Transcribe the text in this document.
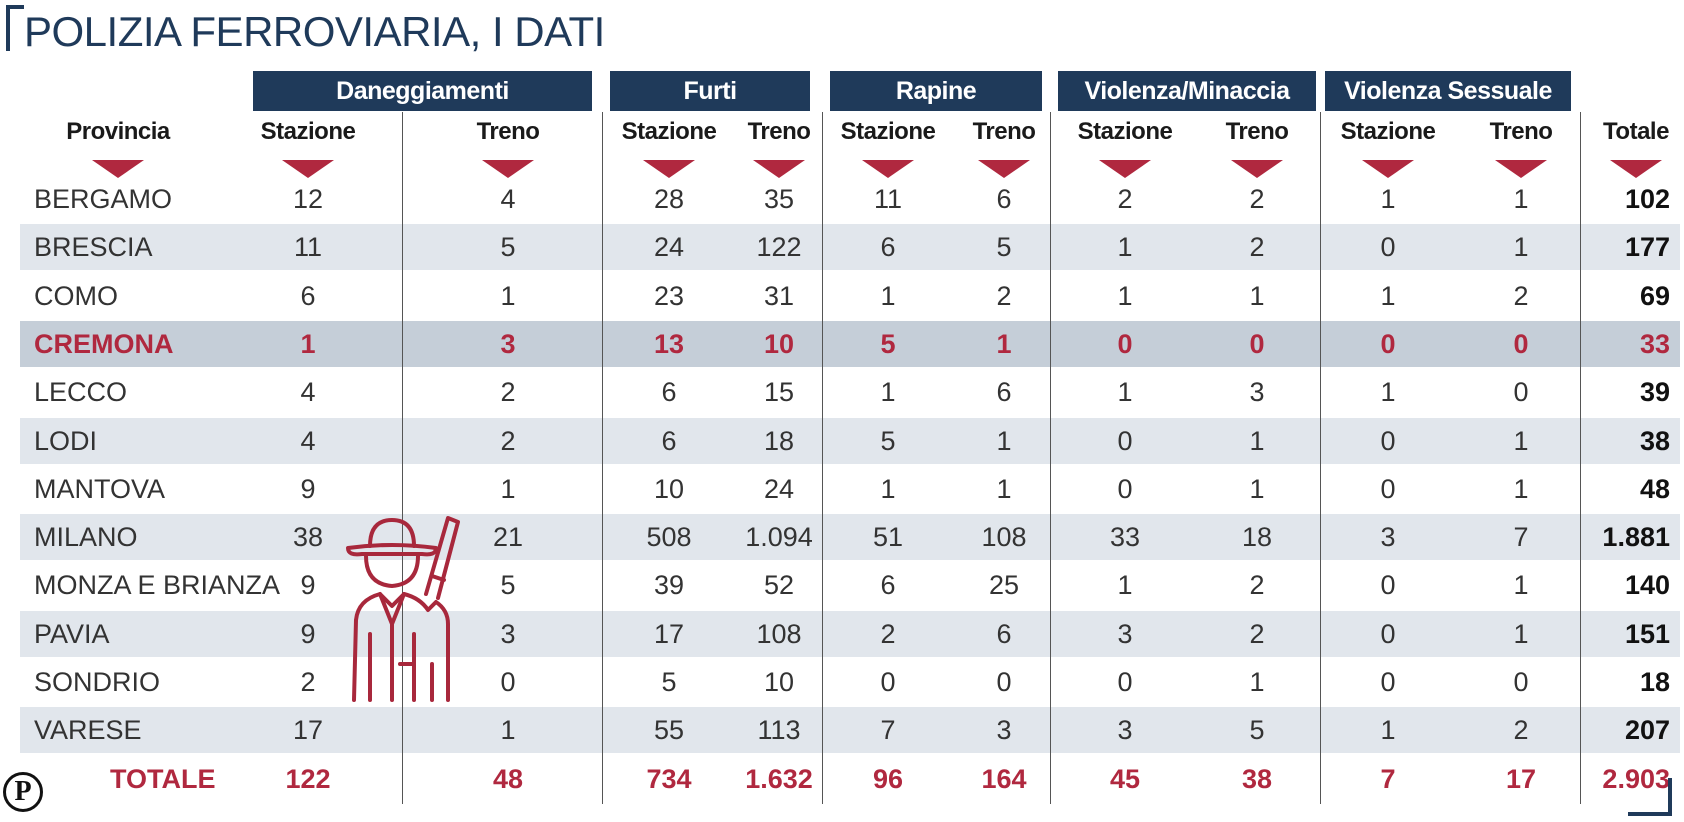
POLIZIA FERROVIARIA, I DATI
Daneggiamenti	Furti	Rapine	Violenza/Minaccia	Violenza Sessuale
Provincia	Stazione	Treno	Stazione	Treno	Stazione	Treno	Stazione	Treno	Stazione	Treno	Totale
BERGAMO	12	4	28	35	11	6	2	2	1	1	102
BRESCIA	11	5	24	122	6	5	1	2	0	1	177
COMO	6	1	23	31	1	2	1	1	1	2	69
CREMONA	1	3	13	10	5	1	0	0	0	0	33
LECCO	4	2	6	15	1	6	1	3	1	0	39
LODI	4	2	6	18	5	1	0	1	0	1	38
MANTOVA	9	1	10	24	1	1	0	1	0	1	48
MILANO	38	21	508	1.094	51	108	33	18	3	7	1.881
MONZA E BRIANZA 9	5	39	52	6	25	1	2	0	1	140
PAVIA	9	3	17	108	2	6	3	2	0	1	151
SONDRIO	2	0	5	10	0	0	0	1	0	0	18
VARESE	17	1	55	113	7	3	3	5	1	2	207
TOTALE	122	48	734	1.632	96	164	45	38	7	17	2.903
P
